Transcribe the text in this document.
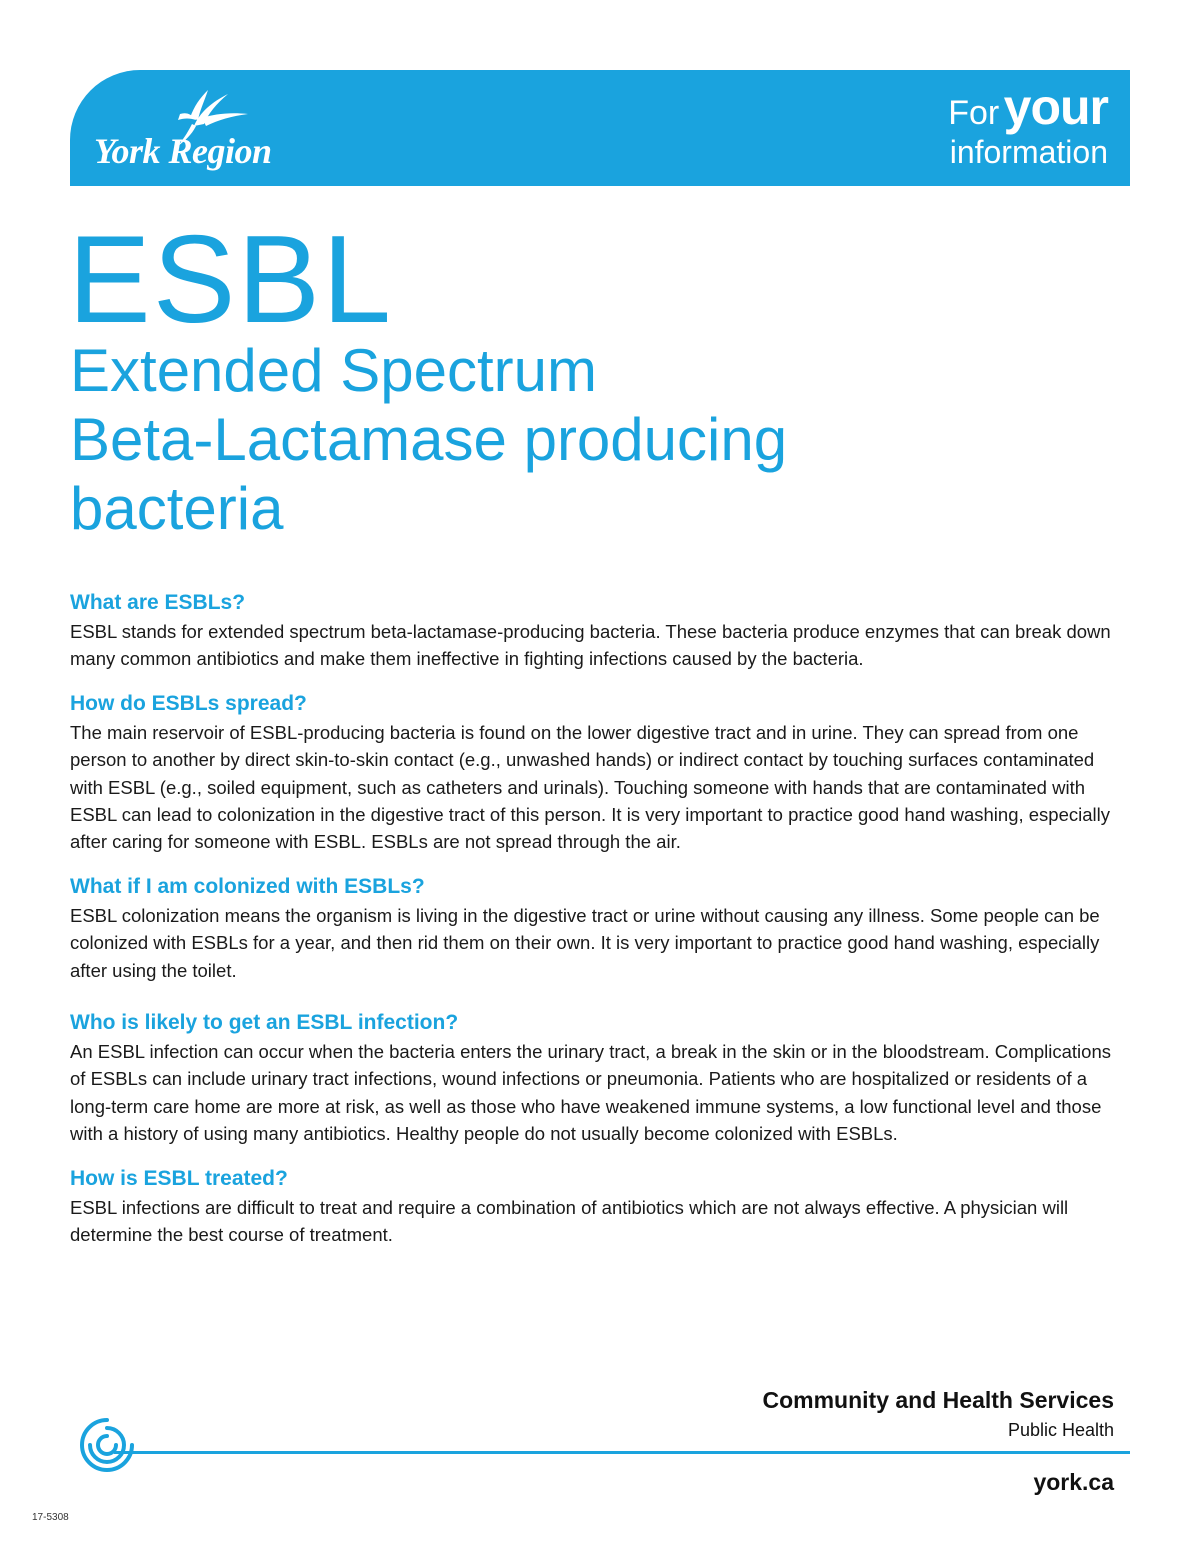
York Region
For your
information
ESBL
Extended Spectrum
Beta-Lactamase producing
bacteria
What are ESBLs?

ESBL stands for extended spectrum beta-lactamase-producing bacteria. These bacteria produce enzymes that can break down many common antibiotics and make them ineffective in fighting infections caused by the bacteria.

How do ESBLs spread?

The main reservoir of ESBL-producing bacteria is found on the lower digestive tract and in urine. They can spread from one person to another by direct skin-to-skin contact (e.g., unwashed hands) or indirect contact by touching surfaces contaminated with ESBL (e.g., soiled equipment, such as catheters and urinals). Touching someone with hands that are contaminated with ESBL can lead to colonization in the digestive tract of this person. It is very important to practice good hand washing, especially after caring for someone with ESBL. ESBLs are not spread through the air.

What if I am colonized with ESBLs?

ESBL colonization means the organism is living in the digestive tract or urine without causing any illness. Some people can be colonized with ESBLs for a year, and then rid them on their own. It is very important to practice good hand washing, especially after using the toilet.

Who is likely to get an ESBL infection?

An ESBL infection can occur when the bacteria enters the urinary tract, a break in the skin or in the bloodstream. Complications of ESBLs can include urinary tract infections, wound infections or pneumonia. Patients who are hospitalized or residents of a long-term care home are more at risk, as well as those who have weakened immune systems, a low functional level and those with a history of using many antibiotics. Healthy people do not usually become colonized with ESBLs.

How is ESBL treated?

ESBL infections are difficult to treat and require a combination of antibiotics which are not always effective. A physician will determine the best course of treatment.

Community and Health Services
Public Health
york.ca
17-5308
